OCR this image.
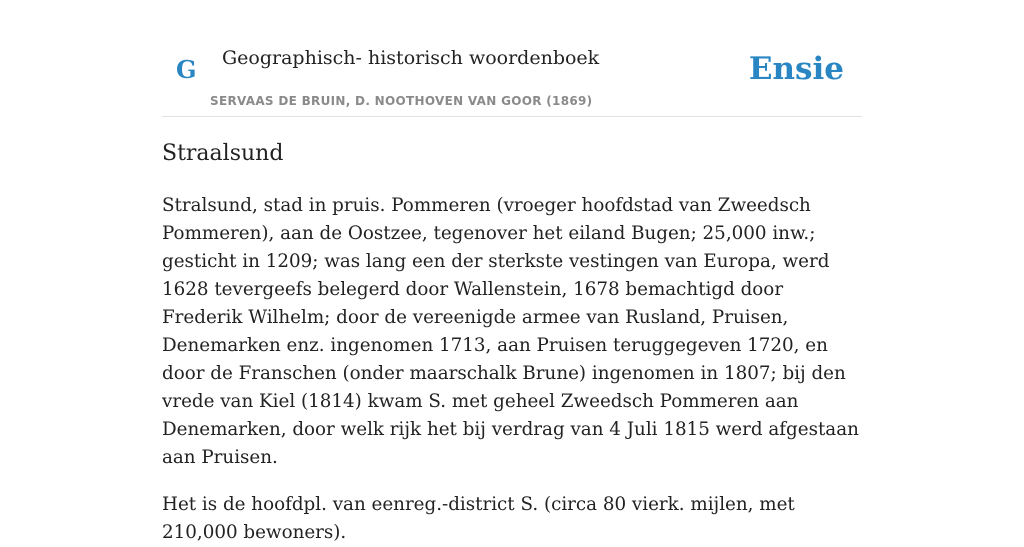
G Geographisch- historisch woordenboek
SERVAAS DE BRUIN, D. NOOTHOVEN VAN GOOR (1869)
Ensie
Straalsund

Stralsund, stad in pruis. Pommeren (vroeger hoofdstad van Zweedsch Pommeren), aan de Oostzee, tegenover het eiland Bugen; 25,000 inw.; gesticht in 1209; was lang een der sterkste vestingen van Europa, werd 1628 tevergeefs belegerd door Wallenstein, 1678 bemachtigd door Frederik Wilhelm; door de vereenigde armee van Rusland, Pruisen, Denemarken enz. ingenomen 1713, aan Pruisen teruggegeven 1720, en door de Franschen (onder maarschalk Brune) ingenomen in 1807; bij den vrede van Kiel (1814) kwam S. met geheel Zweedsch Pommeren aan Denemarken, door welk rijk het bij verdrag van 4 Juli 1815 werd afgestaan aan Pruisen.

Het is de hoofdpl. van eenreg.-district S. (circa 80 vierk. mijlen, met 210,000 bewoners).
